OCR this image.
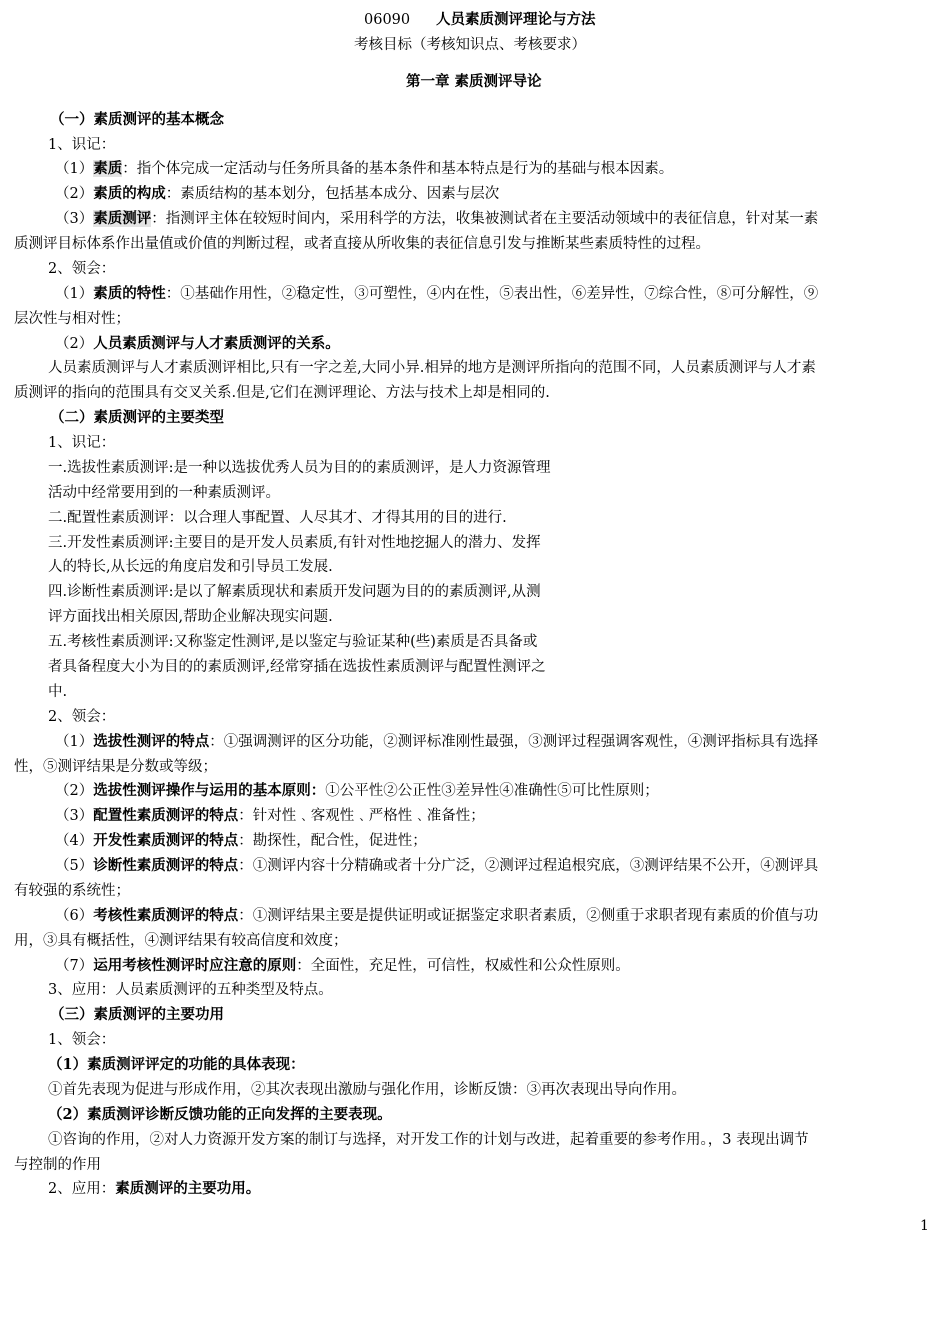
06090 人员素质测评理论与方法
考核目标（考核知识点、考核要求）
第一章 素质测评导论
（一）素质测评的基本概念
1、识记：
（1）素质：指个体完成一定活动与任务所具备的基本条件和基本特点是行为的基础与根本因素。
（2）素质的构成：素质结构的基本划分，包括基本成分、因素与层次
（3）素质测评：指测评主体在较短时间内，采用科学的方法，收集被测试者在主要活动领域中的表征信息，针对某一素
质测评目标体系作出量值或价值的判断过程，或者直接从所收集的表征信息引发与推断某些素质特性的过程。
2、领会：
（1）素质的特性：①基础作用性，②稳定性，③可塑性，④内在性，⑤表出性，⑥差异性，⑦综合性，⑧可分解性，⑨
层次性与相对性；
（2）人员素质测评与人才素质测评的关系。
人员素质测评与人才素质测评相比,只有一字之差,大同小异.相异的地方是测评所指向的范围不同，人员素质测评与人才素
质测评的指向的范围具有交叉关系.但是,它们在测评理论、方法与技术上却是相同的.
（二）素质测评的主要类型
1、识记：
一.选拔性素质测评:是一种以选拔优秀人员为目的的素质测评，是人力资源管理
活动中经常要用到的一种素质测评。
二.配置性素质测评：以合理人事配置、人尽其才、才得其用的目的进行.
三.开发性素质测评:主要目的是开发人员素质,有针对性地挖掘人的潜力、发挥
人的特长,从长远的角度启发和引导员工发展.
四.诊断性素质测评:是以了解素质现状和素质开发问题为目的的素质测评,从测
评方面找出相关原因,帮助企业解决现实问题.
五.考核性素质测评:又称鉴定性测评,是以鉴定与验证某种(些)素质是否具备或
者具备程度大小为目的的素质测评,经常穿插在选拔性素质测评与配置性测评之
中.
2、领会：
（1）选拔性测评的特点：①强调测评的区分功能，②测评标准刚性最强，③测评过程强调客观性，④测评指标具有选择
性，⑤测评结果是分数或等级；
（2）选拔性测评操作与运用的基本原则：①公平性②公正性③差异性④准确性⑤可比性原则；
（3）配置性素质测评的特点：针对性﹑客观性﹑严格性﹑准备性；
（4）开发性素质测评的特点：勘探性，配合性，促进性；
（5）诊断性素质测评的特点：①测评内容十分精确或者十分广泛，②测评过程追根究底，③测评结果不公开，④测评具
有较强的系统性；
（6）考核性素质测评的特点：①测评结果主要是提供证明或证据鉴定求职者素质，②侧重于求职者现有素质的价值与功
用，③具有概括性，④测评结果有较高信度和效度；
（7）运用考核性测评时应注意的原则：全面性，充足性，可信性，权威性和公众性原则。
3、应用：人员素质测评的五种类型及特点。
（三）素质测评的主要功用
1、领会：
（1）素质测评评定的功能的具体表现：
①首先表现为促进与形成作用，②其次表现出激励与强化作用，诊断反馈：③再次表现出导向作用。
（2）素质测评诊断反馈功能的正向发挥的主要表现。
①咨询的作用，②对人力资源开发方案的制订与选择，对开发工作的计划与改进，起着重要的参考作用。，3 表现出调节
与控制的作用
2、应用：素质测评的主要功用。
1
